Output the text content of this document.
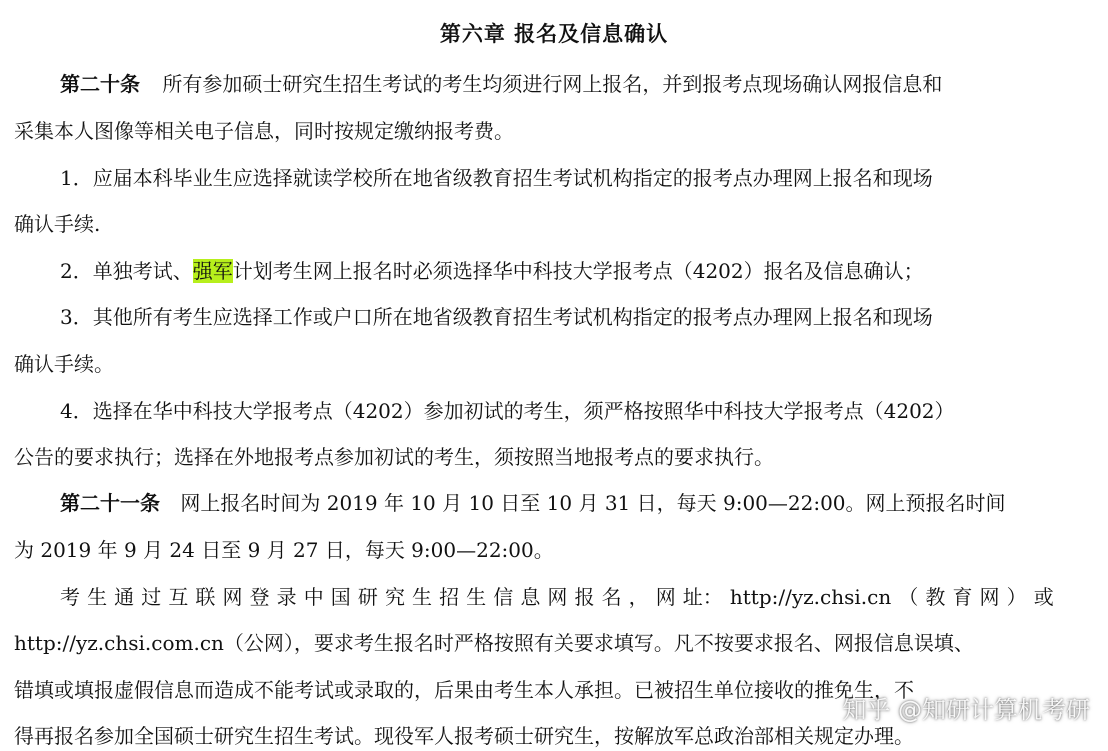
第六章 报名及信息确认
第二十条 所有参加硕士研究生招生考试的考生均须进行网上报名，并到报考点现场确认网报信息和
采集本人图像等相关电子信息，同时按规定缴纳报考费。
1．应届本科毕业生应选择就读学校所在地省级教育招生考试机构指定的报考点办理网上报名和现场
确认手续.
2．单独考试、强军计划考生网上报名时必须选择华中科技大学报考点（4202）报名及信息确认；
3．其他所有考生应选择工作或户口所在地省级教育招生考试机构指定的报考点办理网上报名和现场
确认手续。
4．选择在华中科技大学报考点（4202）参加初试的考生，须严格按照华中科技大学报考点（4202）
公告的要求执行；选择在外地报考点参加初试的考生，须按照当地报考点的要求执行。
第二十一条 网上报名时间为 2019 年 10 月 10 日至 10 月 31 日，每天 9:00—22:00。网上预报名时间
为 2019 年 9 月 24 日至 9 月 27 日，每天 9:00—22:00。
考 生 通 过 互 联 网 登 录 中 国 研 究 生 招 生 信 息 网 报 名 ， 网 址： http://yz.chsi.cn （ 教 育 网 ） 或
http://yz.chsi.com.cn（公网），要求考生报名时严格按照有关要求填写。凡不按要求报名、网报信息误填、
错填或填报虚假信息而造成不能考试或录取的，后果由考生本人承担。已被招生单位接收的推免生，不
得再报名参加全国硕士研究生招生考试。现役军人报考硕士研究生，按解放军总政治部相关规定办理。
知乎 @知研计算机考研
